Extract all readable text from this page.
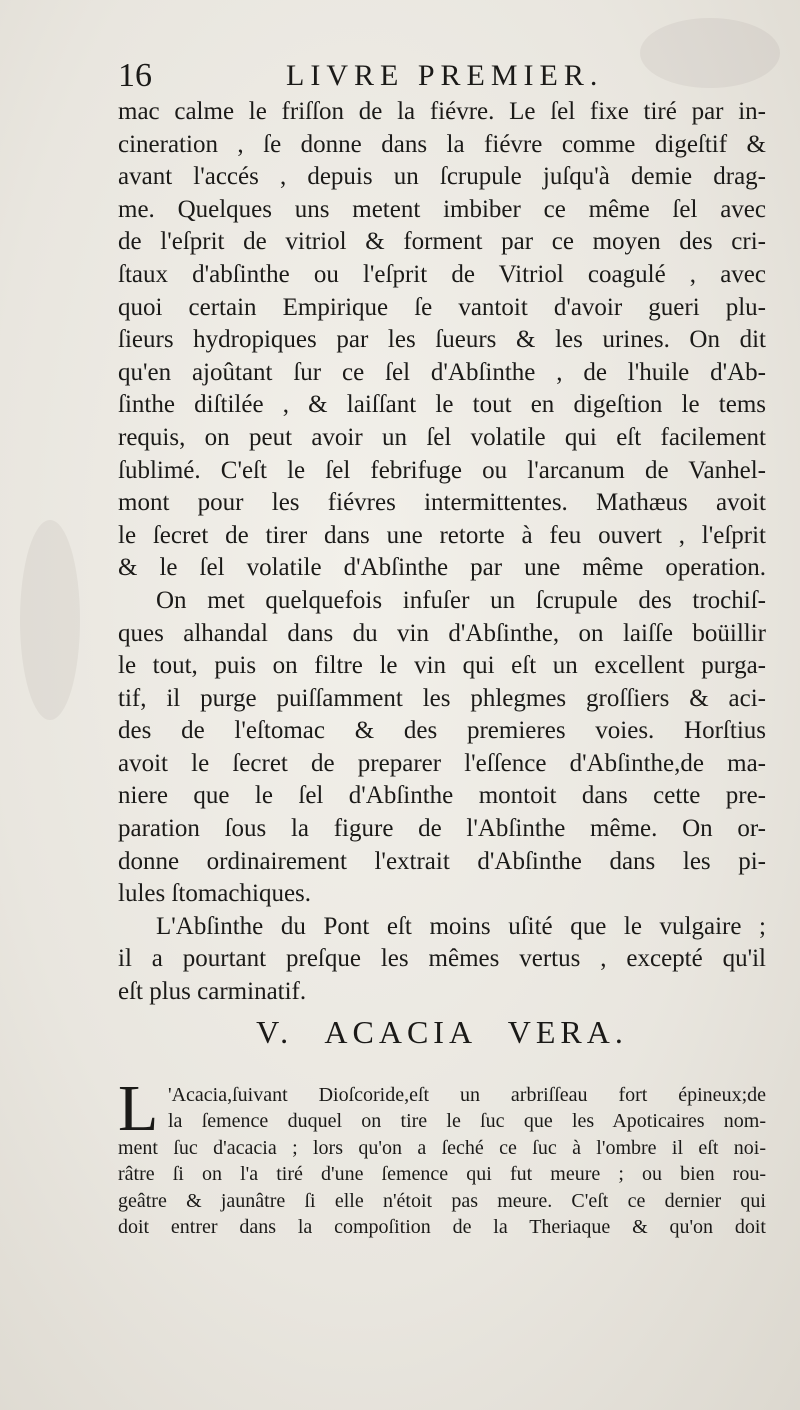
16	LIVRE PREMIER.
mac calme le friſſon de la fiévre. Le ſel fixe tiré par in-
cineration , ſe donne dans la fiévre comme digeſtif &
avant l'accés , depuis un ſcrupule juſqu'à demie drag-
me. Quelques uns metent imbiber ce même ſel avec
de l'eſprit de vitriol & forment par ce moyen des cri-
ſtaux d'abſinthe ou l'eſprit de Vitriol coagulé , avec
quoi certain Empirique ſe vantoit d'avoir gueri plu-
ſieurs hydropiques par les ſueurs & les urines. On dit
qu'en ajoûtant ſur ce ſel d'Abſinthe , de l'huile d'Ab-
ſinthe diſtilée , & laiſſant le tout en digeſtion le tems
requis, on peut avoir un ſel volatile qui eſt facilement
ſublimé. C'eſt le ſel febrifuge ou l'arcanum de Vanhel-
mont pour les fiévres intermittentes. Mathæus avoit
le ſecret de tirer dans une retorte à feu ouvert , l'eſprit
& le ſel volatile d'Abſinthe par une même operation.
On met quelquefois infuſer un ſcrupule des trochiſ-
ques alhandal dans du vin d'Abſinthe, on laiſſe boüillir
le tout, puis on filtre le vin qui eſt un excellent purga-
tif, il purge puiſſamment les phlegmes groſſiers & aci-
des de l'eſtomac & des premieres voies. Horſtius
avoit le ſecret de preparer l'eſſence d'Abſinthe,de ma-
niere que le ſel d'Abſinthe montoit dans cette pre-
paration ſous la figure de l'Abſinthe même. On or-
donne ordinairement l'extrait d'Abſinthe dans les pi-
lules ſtomachiques.
L'Abſinthe du Pont eſt moins uſité que le vulgaire ;
il a pourtant preſque les mêmes vertus , excepté qu'il
eſt plus carminatif.
V. ACACIA VERA.
L 'Acacia,ſuivant Dioſcoride,eſt un arbriſſeau fort épineux;de
la ſemence duquel on tire le ſuc que les Apoticaires nom-
ment ſuc d'acacia ; lors qu'on a ſeché ce ſuc à l'ombre il eſt noi-
râtre ſi on l'a tiré d'une ſemence qui fut meure ; ou bien rou-
geâtre & jaunâtre ſi elle n'étoit pas meure. C'eſt ce dernier qui
doit entrer dans la compoſition de la Theriaque & qu'on doit
